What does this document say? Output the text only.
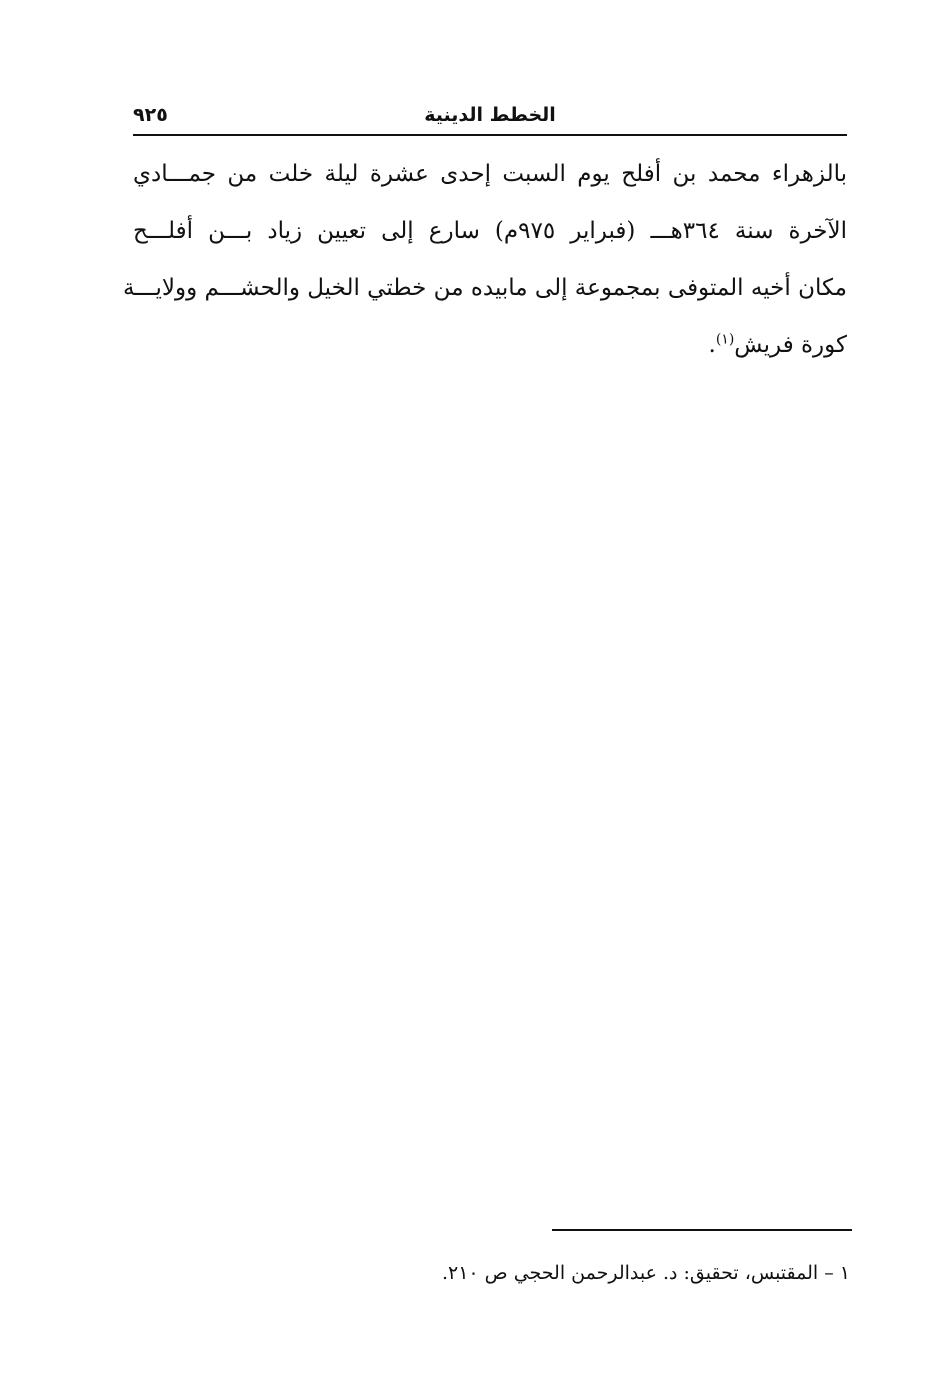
الخطط الدينية
٩٢٥
بالزهراء محمد بن أفلح يوم السبت إحدى عشرة ليلة خلت من جمـــادي
الآخرة سنة ٣٦٤هـــ (فبراير ٩٧٥م) سارع إلى تعيين زياد بـــن أفلـــح
مكان أخيه المتوفى بمجموعة إلى مابيده من خطتي الخيل والحشـــم وولايـــة
كورة فريش$^{(١)}$.
١ – المقتبس، تحقيق: د. عبدالرحمن الحجي ص ٢١٠.
